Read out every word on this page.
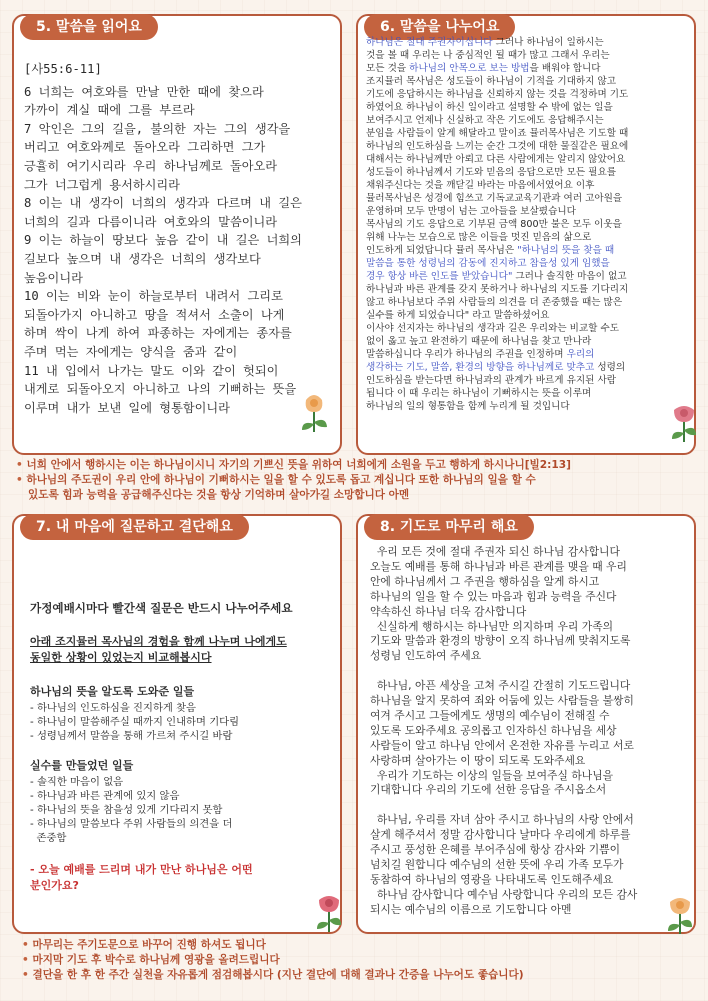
5. 말씀을 읽어요
[사55:6-11]
6 너희는 여호와를 만날 만한 때에 찾으라
가까이 계실 때에 그를 부르라
7 악인은 그의 길을, 불의한 자는 그의 생각을
버리고 여호와께로 돌아오라 그리하면 그가
긍휼히 여기시리라 우리 하나님께로 돌아오라
그가 너그럽게 용서하시리라
8 이는 내 생각이 너희의 생각과 다르며 내 길은
너희의 길과 다름이니라 여호와의 말씀이니라
9 이는 하늘이 땅보다 높음 같이 내 길은 너희의
길보다 높으며 내 생각은 너희의 생각보다
높음이니라
10 이는 비와 눈이 하늘로부터 내려서 그리로
되돌아가지 아니하고 땅을 적셔서 소출이 나게
하며 싹이 나게 하여 파종하는 자에게는 종자를
주며 먹는 자에게는 양식을 줌과 같이
11 내 입에서 나가는 말도 이와 같이 헛되이
내게로 되돌아오지 아니하고 나의 기뻐하는 뜻을
이루며 내가 보낸 일에 형통함이니라
6. 말씀을 나누어요
하나님은 절대 주권자이십니다 그러나 하나님이 일하시는
것을 볼 때 우리는 나 중심적인 될 때가 많고 그래서 우리는
모든 것을 하나님의 안목으로 보는 방법을 배워야 합니다
조지뮬러 목사님은 성도들이 하나님이 기적을 기대하지 않고
기도에 응답하시는 하나님을 신뢰하지 않는 것을 걱정하며 기도
하였어요 하나님이 하신 일이라고 설명할 수 밖에 없는 일을
보여주시고 언제나 신실하고 작은 기도에도 응답해주시는
분임을 사람들이 알게 해달라고 말이죠 뮬러목사님은 기도할 때
하나님의 인도하심을 느끼는 순간 그것에 대한 물질같은 필요에
대해서는 하나님께만 아뢰고 다른 사람에게는 알리지 않았어요
성도들이 하나님께서 기도와 믿음의 응답으로만 모든 필요를
채워주신다는 것을 깨닫길 바라는 마음에서였어요 이후
뮬러목사님은 성경에 힘쓰고 기독교교육기관과 여러 고아원을
운영하며 모두 만명이 넘는 고아들을 보살폈습니다
목사님의 기도 응답으로 기부된 금액 800만 불은 모두 이웃을
위해 나누는 모습으로 많은 이들을 멋진 믿음의 삶으로
인도하게 되었답니다 뮬러 목사님은 "하나님의 뜻을 찾을 때
말씀을 통한 성령님의 감동에 진지하고 참을성 있게 임했을
경우 항상 바른 인도를 받았습니다" 그러나 솔직한 마음이 없고
하나님과 바른 관계를 갖지 못하거나 하나님의 지도를 기다리지
않고 하나님보다 주위 사람들의 의견을 더 존중했을 때는 많은
실수를 하게 되었습니다" 라고 말씀하셨어요
이사야 선지자는 하나님의 생각과 길은 우리와는 비교할 수도
없이 옳고 높고 완전하기 때문에 하나님을 찾고 만나라
말씀하십니다 우리가 하나님의 주권을 인정하며 우리의
생각하는 기도, 말씀, 환경의 방향을 하나님께로 맞추고 성령의
인도하심을 받는다면 하나님과의 관계가 바르게 유지된 사람
됩니다 이 때 우리는 하나님이 기뻐하시는 뜻을 이루며
하나님의 일의 형통함을 함께 누리게 될 것입니다
• 너희 안에서 행하시는 이는 하나님이시니 자기의 기쁘신 뜻을 위하여 너희에게 소원을 두고 행하게 하시나니[빌2:13]
• 하나님의 주도권이 우리 안에 하나님이 기뻐하시는 일을 할 수 있도록 돕고 계십니다 또한 하나님의 일을 할 수
있도록 힘과 능력을 공급해주신다는 것을 항상 기억하며 살아가길 소망합니다 아멘
7. 내 마음에 질문하고 결단해요
가정예배시마다 빨간색 질문은 반드시 나누어주세요
아래 조지뮬러 목사님의 경험을 함께 나누며 나에게도
동일한 상황이 있었는지 비교해봅시다
하나님의 뜻을 알도록 도와준 일들
- 하나님의 인도하심을 진지하게 찾음
- 하나님이 말씀해주실 때까지 인내하며 기다림
- 성령님께서 말씀을 통해 가르쳐 주시길 바람
실수를 만들었던 일들
- 솔직한 마음이 없음
- 하나님과 바른 관계에 있지 않음
- 하나님의 뜻을 참을성 있게 기다리지 못함
- 하나님의 말씀보다 주위 사람들의 의견을 더
존중함
- 오늘 예배를 드리며 내가 만난 하나님은 어떤
분인가요?
8. 기도로 마무리 해요
우리 모든 것에 절대 주권자 되신 하나님 감사합니다
오늘도 예배를 통해 하나님과 바른 관계를 맺을 때 우리
안에 하나님께서 그 주권을 행하심을 알게 하시고
하나님의 일을 할 수 있는 마음과 힘과 능력을 주신다
약속하신 하나님 더욱 감사합니다
신실하게 행하시는 하나님만 의지하며 우리 가족의
기도와 말씀과 환경의 방향이 오직 하나님께 맞춰지도록
성령님 인도하여 주세요
하나님, 아픈 세상을 고쳐 주시길 간절히 기도드립니다
하나님을 알지 못하여 죄와 어둠에 있는 사람들을 불쌍히
여겨 주시고 그들에게도 생명의 예수님이 전해질 수
있도록 도와주세요 공의롭고 인자하신 하나님을 세상
사람들이 알고 하나님 안에서 온전한 자유를 누리고 서로
사랑하며 살아가는 이 땅이 되도록 도와주세요
우리가 기도하는 이상의 일들을 보여주실 하나님을
기대합니다 우리의 기도에 선한 응답을 주시옵소서
하나님, 우리를 자녀 삼아 주시고 하나님의 사랑 안에서
살게 해주셔서 정말 감사합니다 날마다 우리에게 하루를
주시고 풍성한 은혜를 부어주심에 항상 감사와 기쁨이
넘치길 원합니다 예수님의 선한 뜻에 우리 가족 모두가
동참하여 하나님의 영광을 나타내도록 인도해주세요
하나님 감사합니다 예수님 사랑합니다 우리의 모든 감사
되시는 예수님의 이름으로 기도합니다 아멘
• 마무리는 주기도문으로 바꾸어 진행 하셔도 됩니다
• 마지막 기도 후 박수로 하나님께 영광을 올려드립니다
• 결단을 한 후 한 주간 실천을 자유롭게 점검해봅시다 (지난 결단에 대해 결과나 간증을 나누어도 좋습니다)
